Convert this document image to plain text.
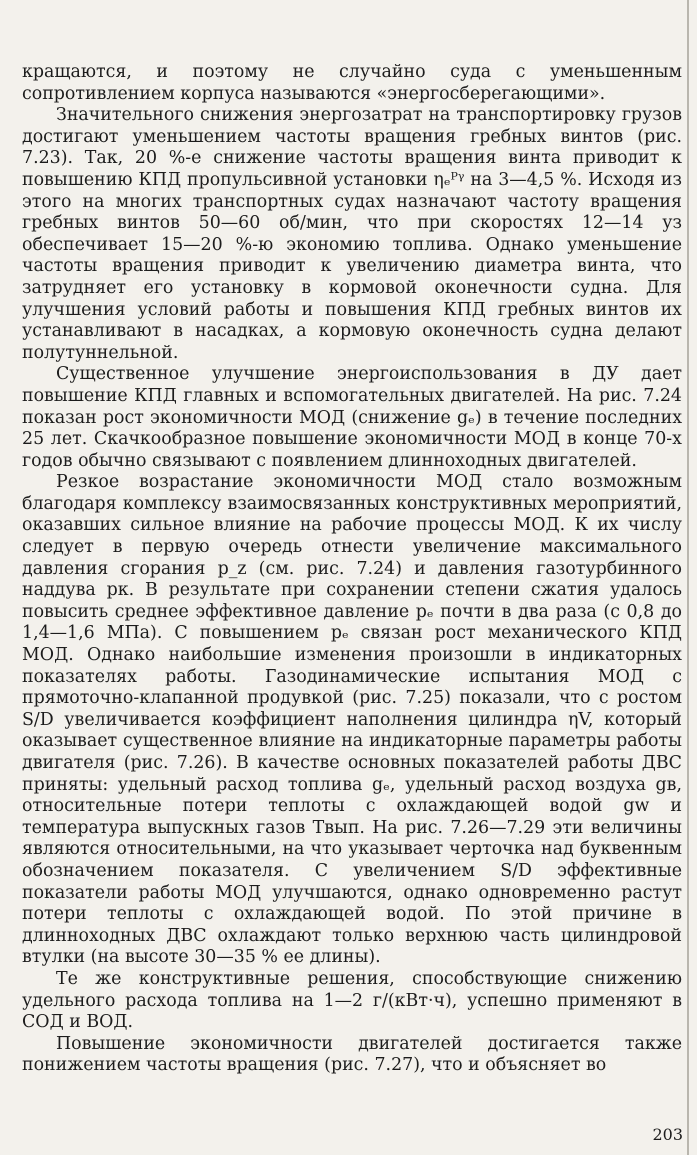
кращаются, и поэтому не случайно суда с уменьшенным сопротивлением корпуса называются «энергосберегающими».

Значительного снижения энергозатрат на транспортировку грузов достигают уменьшением частоты вращения гребных винтов (рис. 7.23). Так, 20 %-е снижение частоты вращения винта приводит к повышению КПД пропульсивной установки ηₑᴾᵞ на 3—4,5 %. Исходя из этого на многих транспортных судах назначают частоту вращения гребных винтов 50—60 об/мин, что при скоростях 12—14 уз обеспечивает 15—20 %-ю экономию топлива. Однако уменьшение частоты вращения приводит к увеличению диаметра винта, что затрудняет его установку в кормовой оконечности судна. Для улучшения условий работы и повышения КПД гребных винтов их устанавливают в насадках, а кормовую оконечность судна делают полутуннельной.

Существенное улучшение энергоиспользования в ДУ дает повышение КПД главных и вспомогательных двигателей. На рис. 7.24 показан рост экономичности МОД (снижение gₑ) в течение последних 25 лет. Скачкообразное повышение экономичности МОД в конце 70-х годов обычно связывают с появлением длинноходных двигателей.

Резкое возрастание экономичности МОД стало возможным благодаря комплексу взаимосвязанных конструктивных мероприятий, оказавших сильное влияние на рабочие процессы МОД. К их числу следует в первую очередь отнести увеличение максимального давления сгорания p_z (см. рис. 7.24) и давления газотурбинного наддува pк. В результате при сохранении степени сжатия удалось повысить среднее эффективное давление pₑ почти в два раза (с 0,8 до 1,4—1,6 МПа). С повышением pₑ связан рост механического КПД МОД. Однако наибольшие изменения произошли в индикаторных показателях работы. Газодинамические испытания МОД с прямоточно-клапанной продувкой (рис. 7.25) показали, что с ростом S/D увеличивается коэффициент наполнения цилиндра ηV, который оказывает существенное влияние на индикаторные параметры работы двигателя (рис. 7.26). В качестве основных показателей работы ДВС приняты: удельный расход топлива gₑ, удельный расход воздуха gв, относительные потери теплоты с охлаждающей водой gw и температура выпускных газов Tвып. На рис. 7.26—7.29 эти величины являются относительными, на что указывает черточка над буквенным обозначением показателя. С увеличением S/D эффективные показатели работы МОД улучшаются, однако одновременно растут потери теплоты с охлаждающей водой. По этой причине в длинноходных ДВС охлаждают только верхнюю часть цилиндровой втулки (на высоте 30—35 % ее длины).

Те же конструктивные решения, способствующие снижению удельного расхода топлива на 1—2 г/(кВт·ч), успешно применяют в СОД и ВОД.

Повышение экономичности двигателей достигается также понижением частоты вращения (рис. 7.27), что и объясняет во

203
